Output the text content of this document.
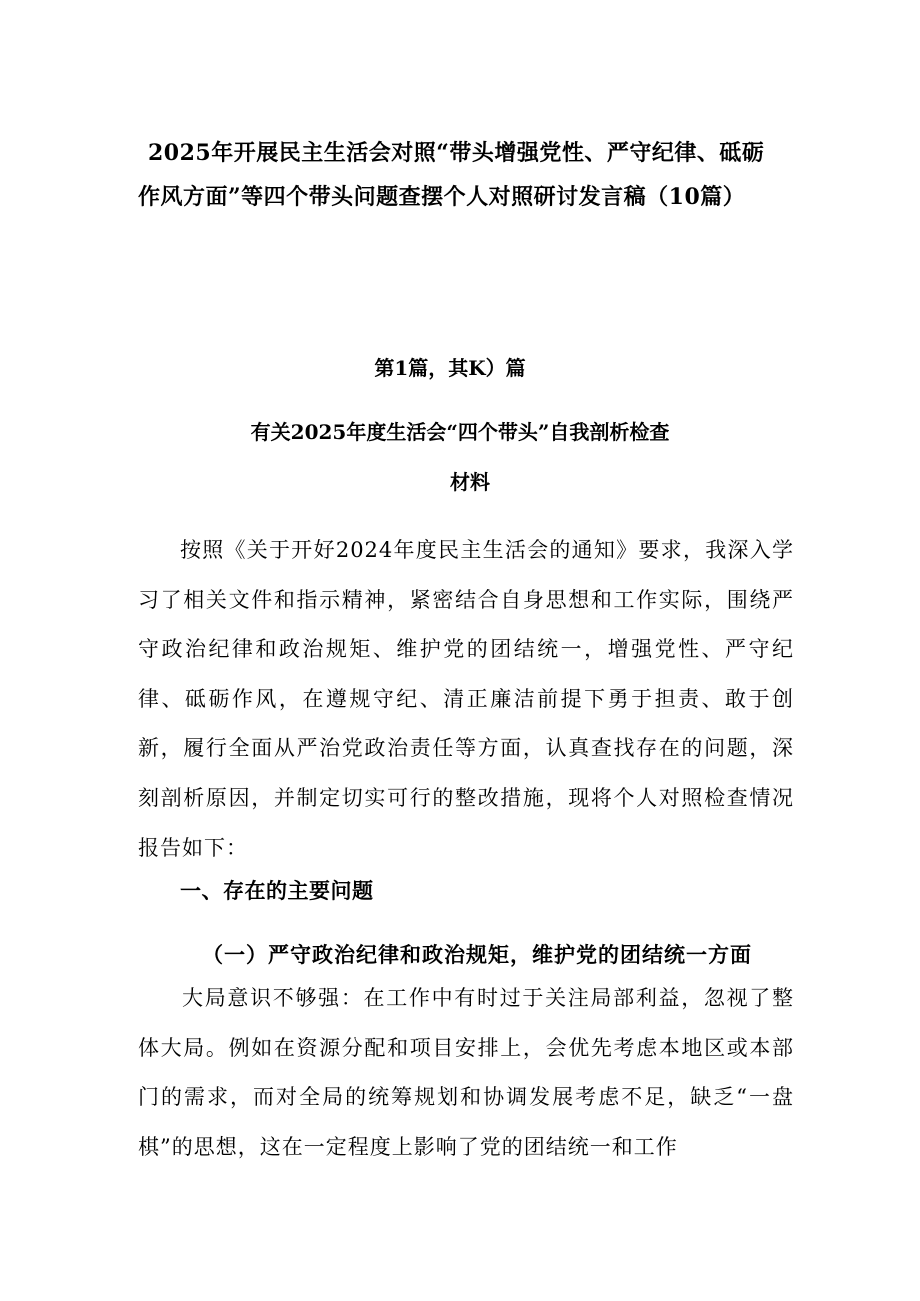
2025年开展民主生活会对照“带头增强党性、严守纪律、砥砺
作风方面”等四个带头问题查摆个人对照研讨发言稿（10篇）
第1篇，其K）篇
有关2025年度生活会“四个带头”自我剖析检查
材料

按照《关于开好2024年度民主生活会的通知》要求，我深入学习了相关文件和指示精神，紧密结合自身思想和工作实际，围绕严守政治纪律和政治规矩、维护党的团结统一，增强党性、严守纪律、砥砺作风，在遵规守纪、清正廉洁前提下勇于担责、敢于创新，履行全面从严治党政治责任等方面，认真查找存在的问题，深刻剖析原因，并制定切实可行的整改措施，现将个人对照检查情况报告如下：

一、存在的主要问题
（一）严守政治纪律和政治规矩，维护党的团结统一方面

大局意识不够强：在工作中有时过于关注局部利益，忽视了整体大局。例如在资源分配和项目安排上，会优先考虑本地区或本部门的需求，而对全局的统筹规划和协调发展考虑不足，缺乏“一盘棋”的思想，这在一定程度上影响了党的团结统一和工作
